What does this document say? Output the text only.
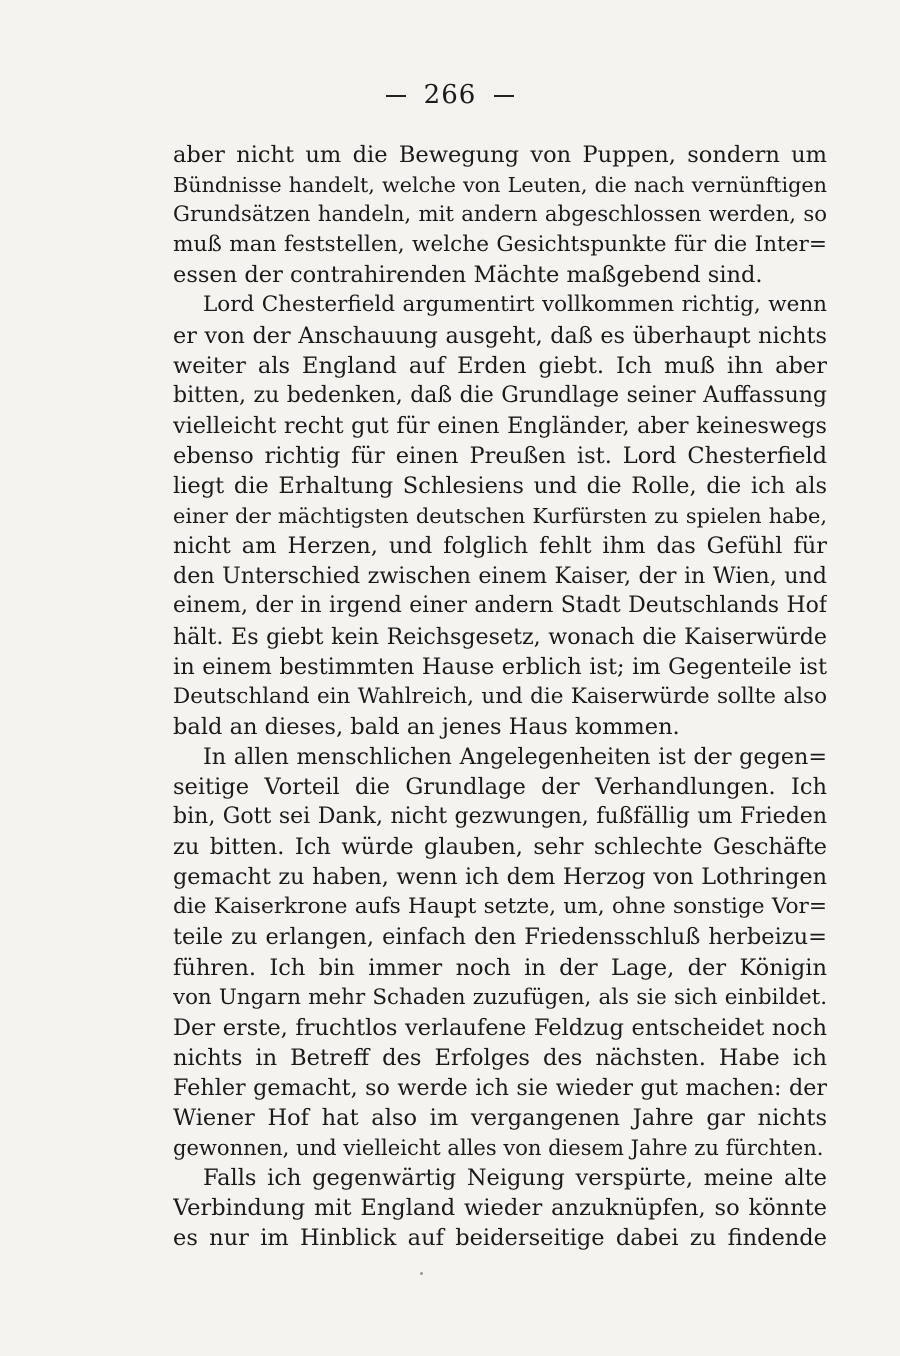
266
aber nicht um die Bewegung von Puppen, sondern um
Bündnisse handelt, welche von Leuten, die nach vernünftigen
Grundsätzen handeln, mit andern abgeschlossen werden, so
muß man feststellen, welche Gesichtspunkte für die Inter=
essen der contrahirenden Mächte maßgebend sind.
Lord Chesterfield argumentirt vollkommen richtig, wenn
er von der Anschauung ausgeht, daß es überhaupt nichts
weiter als England auf Erden giebt. Ich muß ihn aber
bitten, zu bedenken, daß die Grundlage seiner Auffassung
vielleicht recht gut für einen Engländer, aber keineswegs
ebenso richtig für einen Preußen ist. Lord Chesterfield
liegt die Erhaltung Schlesiens und die Rolle, die ich als
einer der mächtigsten deutschen Kurfürsten zu spielen habe,
nicht am Herzen, und folglich fehlt ihm das Gefühl für
den Unterschied zwischen einem Kaiser, der in Wien, und
einem, der in irgend einer andern Stadt Deutschlands Hof
hält. Es giebt kein Reichsgesetz, wonach die Kaiserwürde
in einem bestimmten Hause erblich ist; im Gegenteile ist
Deutschland ein Wahlreich, und die Kaiserwürde sollte also
bald an dieses, bald an jenes Haus kommen.
In allen menschlichen Angelegenheiten ist der gegen=
seitige Vorteil die Grundlage der Verhandlungen. Ich
bin, Gott sei Dank, nicht gezwungen, fußfällig um Frieden
zu bitten. Ich würde glauben, sehr schlechte Geschäfte
gemacht zu haben, wenn ich dem Herzog von Lothringen
die Kaiserkrone aufs Haupt setzte, um, ohne sonstige Vor=
teile zu erlangen, einfach den Friedensschluß herbeizu=
führen. Ich bin immer noch in der Lage, der Königin
von Ungarn mehr Schaden zuzufügen, als sie sich einbildet.
Der erste, fruchtlos verlaufene Feldzug entscheidet noch
nichts in Betreff des Erfolges des nächsten. Habe ich
Fehler gemacht, so werde ich sie wieder gut machen: der
Wiener Hof hat also im vergangenen Jahre gar nichts
gewonnen, und vielleicht alles von diesem Jahre zu fürchten.
Falls ich gegenwärtig Neigung verspürte, meine alte
Verbindung mit England wieder anzuknüpfen, so könnte
es nur im Hinblick auf beiderseitige dabei zu findende
